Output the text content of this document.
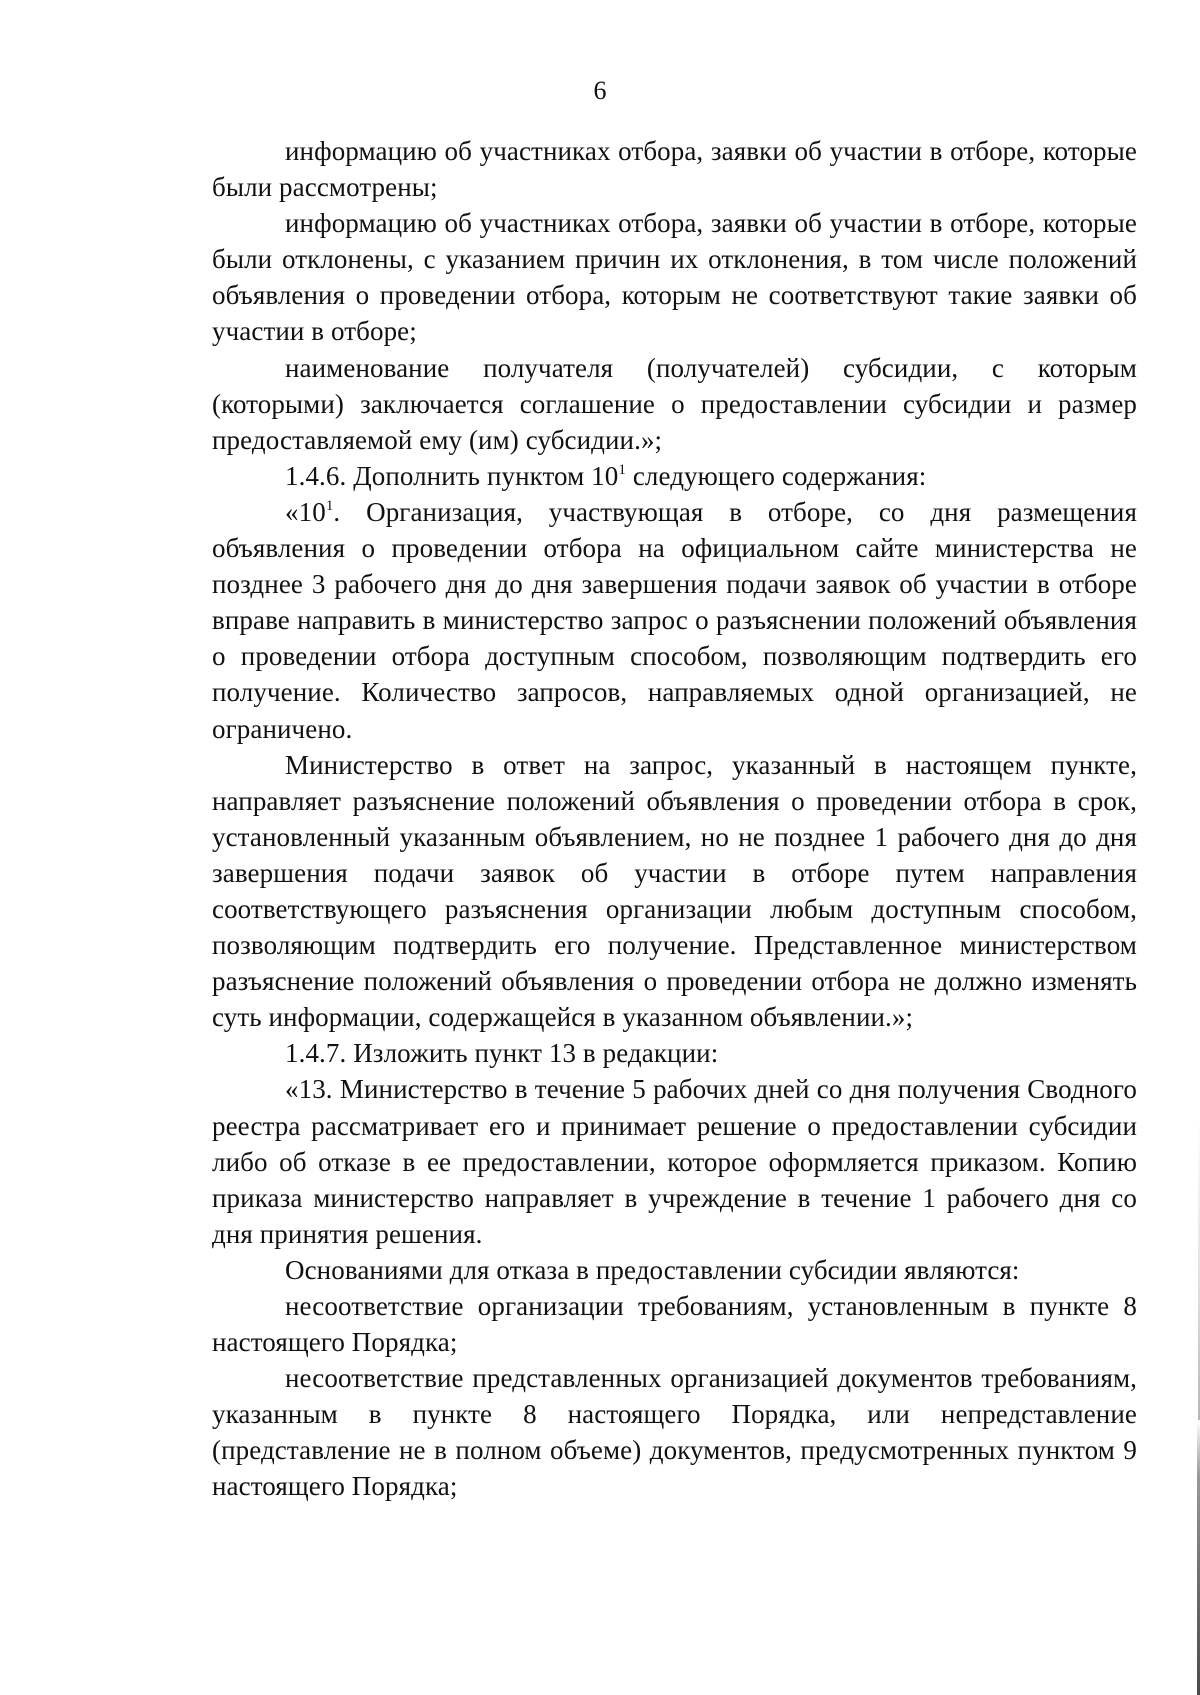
6

информацию об участниках отбора, заявки об участии в отборе, которые были рассмотрены;

информацию об участниках отбора, заявки об участии в отборе, которые были отклонены, с указанием причин их отклонения, в том числе положений объявления о проведении отбора, которым не соответствуют такие заявки об участии в отборе;

наименование получателя (получателей) субсидии, с которым (которыми) заключается соглашение о предоставлении субсидии и размер предоставляемой ему (им) субсидии.»;

1.4.6. Дополнить пунктом $10^1$ следующего содержания:

«$10^1$. Организация, участвующая в отборе, со дня размещения объявления о проведении отбора на официальном сайте министерства не позднее 3 рабочего дня до дня завершения подачи заявок об участии в отборе вправе направить в министерство запрос о разъяснении положений объявления о проведении отбора доступным способом, позволяющим подтвердить его получение. Количество запросов, направляемых одной организацией, не ограничено.

Министерство в ответ на запрос, указанный в настоящем пункте, направляет разъяснение положений объявления о проведении отбора в срок, установленный указанным объявлением, но не позднее 1 рабочего дня до дня завершения подачи заявок об участии в отборе путем направления соответствующего разъяснения организации любым доступным способом, позволяющим подтвердить его получение. Представленное министерством разъяснение положений объявления о проведении отбора не должно изменять суть информации, содержащейся в указанном объявлении.»;

1.4.7. Изложить пункт 13 в редакции:

«13. Министерство в течение 5 рабочих дней со дня получения Сводного реестра рассматривает его и принимает решение о предоставлении субсидии либо об отказе в ее предоставлении, которое оформляется приказом. Копию приказа министерство направляет в учреждение в течение 1 рабочего дня со дня принятия решения.

Основаниями для отказа в предоставлении субсидии являются:

несоответствие организации требованиям, установленным в пункте 8 настоящего Порядка;

несоответствие представленных организацией документов требованиям, указанным в пункте 8 настоящего Порядка, или непредставление (представление не в полном объеме) документов, предусмотренных пунктом 9 настоящего Порядка;
